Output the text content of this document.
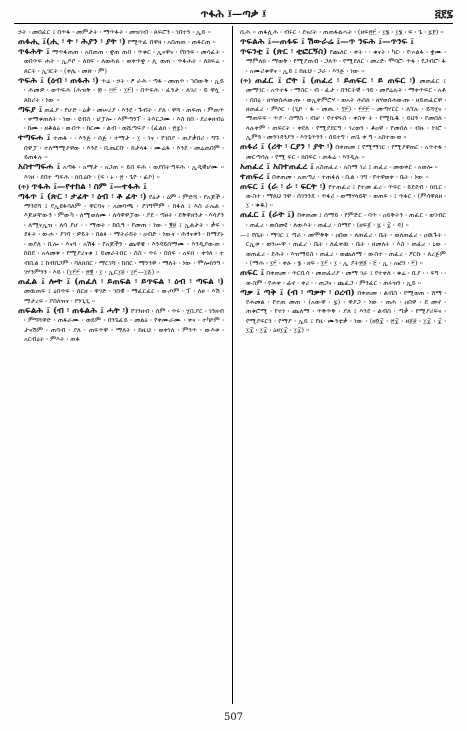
ጥፋሕ ፤—ጣቃ ፤	፭፻፯

ኃት ፡ መበፈር ፤ በጥፋ ፡ መምታት ፡ ማጥፋት ፡ መዝገብ ፡ ጸፍሮን ፡ ገበተን ፡ ኢይ ፡፡

ጠፋሒ ፤(ሒ ፡ ት ፡ ሕያን ፡ ያት ፡) የሚጥፈ በዋዛ ፡ አበጠጠ ፡ ጠፋርጠ ፡፡

ጥፋሕት ፤ ማጥፋጠጠ ፡ አበጠጠ ፡ ቋጠ ጠበ ፡ ጥቁር ፡ ኢናዋና ፡ የከንፍ ፡ መሳፈት ፡ ወበጥፍ ሐት ፡ ኢዶቦ ፡ ለክፍ ፡ ለወሕጸ ፡ ወቀጥቋ ፡ ሊ ወጠ ፡ ጥፋሐት ፡ ለክፍሬ ፡ ጸርት ፡ ኢገርት ፡ (ቀሌ ፡ መጽ ፡ ም)

ጥፍሕ ፤ (ዕብ ፡ ጠፋሕ ፡) ጥሬ ፡ ኃት ፡ ፆ ራሕ ፡ ጣፋ ፡ መጠጥ ፡ ኀበውቅ ፡ ኢይ ፡ ሕመዎ ፡ ወጥፍሕ (ሕዝቅ ፡ ፴ ፡ ፵፫ ፡ ፲፫) ፡ በጥፍሕ ፡ ፈንታ ፡ ለገሪ ፡ ይ ዋሏ ፡ ጸከሪት ፡ ነው ፡፡

ጣፍያ ፤ ጠፈያ ፡ የሆድ ፡ ዕቃ ፡ መሠረያ ፡ እንደ ፡ ጉብት ፡ ያለ ፡ ዋሻ ፡ ጠፍጠ ፡ ምጠጥ ፡ ቀማቁጠለት ፡ ነው ፡ ዩብስ ፡ ሆፓሎ ፡ እምጣንፕ ፡ ትእርጋሙ ፡ እስ ክበ ፡ ደረቁዘብዕ ፡ ከሙ ፡ ዘቆልዕ ፡ ውበጥ ፡ ከርሙ ፡ ልብ ፡ ወሺጣፍያ ፡ (ፈልክ ፡ ፳፯) ፡

ተጣፍሐ ፤ ተጠፋ ፡ ፡ እንጅ ፡ ሰጅ ፡ ተማታ ፡ ፲ ፡ ገና ፡ የገበያ ፡ ጠያቃበሪ ፡ ግኙ ፡ በዋፓ ፡ ተለማሚያዋው ፡ እንደ ፡ ቢጤርቡ ፡ ከታላፋ ፡ ሙሬፋ ፡ እንደ ፡ መሬጠበም ፡ ይጠፋሉ ፡፡

አስተጣፍሐ ፤ አጣፋ ፡ አማታ ፡ አጋጠ ፡፡ ይበ ፍሕ ፡ ወያበትጣፍሕ ፡ ኢዲዊሆሙ ፡፡ እገዘ ፡ ደበተ ጣፍሕ ፡ ክቢዕቡ ፡ (ፍ ፡ ኑ ፡ ፳ ፡ ጌዮ ፡ ፊኮ) ፡፡

(ጥ) ጥፋሕ ፤—የተከል ፡ ስም ፤—ተፋሕ ፤

ጣፋጥ ፤ (ጽር ፡ ታፊት ፡ ዕብ ፡ ቶ ፊት ፡) የዕታ ፡ ዕም ፡ ምድሻ ፡ የአጆች ፡ ማንደሻ ፤ የኢዩፋሳለም ፡ ዋርባና ፡ አመባጫ ፡ ያገግሞም ፡ ከፋለ ፤ እስ ራኤል ፡ እጆቻቸውን ፡ ምውካ ፡ ለሚወለሙ ፡ ለሳዋዋፓው ፡ ያደ ፡ ጣፀት ፡ ደቅዋዘንታ ፡ እሳያን ፡ ለሚናኢዝ ፡ ለሳ ያሆ ፡ ፡ ማወት ፡ ከቢዓ ፡ የመጠ ፡ ነው ፡ ፪፱ ፤ ኢልታት ፡ ቃፍ ፡ ደፉት ፡ ውሐ ፡ ያገባ ፡ ዎይት ፡ በልፉ ፡ ማትራከት ፡ ዐብድ ፡ ነውና ፡ ሕፃናቱን ፡ ከማያኑ ፡ ወያለ ፡ ቢሎ ፡ እናጓ ፡ አሽፋ ፡ የአጆችን ፡ ጨዋዌ ፡ እንዳይሰማሙ ፡ እንዲያውጠ ፡ ከበደ ፡ አላመቱ ፡ የሚያረናቁ ፤ ይመራትበር ፡ ስስ ፡ ጥሩ ፡ በሰፍ ፡ አፍክ ፡ ቀጎለ ፡ ተ ብቢል ፤ ከብበጋም ፡ ባለክበር ፡ ማርገሻ ፡ ከበር ፡ ማንንዋ ፡ ማለት ፡ ነው ፡ ሞሎክንግ ፡ ገሃንምንን ፡ እይ ፡ (፲፫፫ ፡ ፳፪ ፡ ፲ ፡ ኢር፲፱ ፡ ፲፫—፲፩) ፡፡

ጠፈል ፤ ሎት ፤ (ጠፈለ ፡ ይጠፍል ፡ ይጥፍል ፡ ዕብ ፡ ጣፍል ፡) መዉጠፍ ፤ ዕበጥፍ ፡ ሰርዘ ፡ ዋገድ ፡ ገበዊ ፡ ማፈርፈር ፡ ውጦም ፡ ፕ ፡ ለፀ ፡ እሽ ፡ ማታረፍ ፡ ያበለዝና ፡ የንጊጊ ፡፡

ጠፍልሕ ፤ (ብ ፡ ጠፋልሕ ፤ ሓት ፡) የገንዘብ ፡ ሰም ፡ ጥሩ ፡ ሂቢያር ፡ ገንዘብ ፡ ምግሻዋድ ፡ ጠፋራሙ ፡ ወይም ፡ በንጌፈይ ፡ መልዕ ፡ የቀሙራሙ ፡ ቀና ፡ ተካኮም ፡ ታናሽም ፡ ጠባብ ፡ ያለ ፡ ጠፍጥዋ ፡ ማለት ፡ ከዚህ ፡ ወቀነለ ፡ ምንጥ ፡ ውእቱ ፡ አርብዕት ፡ ምእት ፡ ጠፋ

ሲሕ ፡፡ ጠፋሊሕ ፡ ብሩር ፡ ደናሪት ፡ ጠጠፋልሓት ፡ (ዘፍ፳፫ ፡ ፲፮ ፡ ፲፮ ፡ ፍ ፡ ጌ ፡ ፯፻) ፡፡

ጥፍልሕ ፤—ጠፋፍ ፤ ሽውራሬ ፤—ጥ ንፍሕ ፤—ጥንፍ ፤

ጥፍንቲ ፤ (ጽር ፡ ቲፎርኝስ) የጨለር ፡ ቀት ፡ ፡ ቁናት ፡ ካር፡ ፡ የ፡ኦልፋ ፡ ቋሙ ፡ ማምለክ ፡ ማወቅ ፡ የሚያጠብ ፡ ጋለጥ ፡ የሚደለር ፡ መረድ፡ ሞባሮ፡ ጥፋ ፡ የጋብሮ፡ ፋ ፡ አሙሪቁዋና ፡ ኢይ ፤ ከዚህ ፡ ጋራ ፡ እንጅ ፡ ነው ፡፡

(ጥ) ጠፈር ፤ ሮት ፤ (ጠፈረ ፡ ይጠፍር ፡ ይ ጠፍር ፡) መጠፈር ፤ መማገር ፡ አጥተፋ ፡ ማስር ፡ ብ ፡ ፈታ ፡ በንርትዊ ፡ ጎይ ፡ መዖሬሉት ፡ ማቀጥፍር ፡ አቶ ፡ ሰበዕ ፡ ዘሃወሰሐውጡ ፡ ወኢቀምሮሃ ፡ ወአት ሕሰለ ፡ ዘሃወሰሐውጡ ፡ ዘይጠፈርዋ ፡ ዘጠፈረ ፡ ምሶር ፡ (ጊኮ ፡ ፋ ፡ መጢ ፡ ፺፫) ፡ ፫፫፫ ፡ መጣሃርር ፡ ለኘሉ ፡ ይሻሂና ፡ ማጠፍፍ ፡ ጥያ ፡ ሰማስ ፡ ብቻ ፡ የተዋሩስ ፡ ቀስቀ ት ፡ የሚኬዱ ፡ ይህን ፡ የመሰለ ፡ ላሉቀም ፡ ጠፍርት ፡ ቀደለ ፡ የሚያደርግ ፡ ገረወን ፡ ቆዐዋ ፡ የመሰለ ፡ ብዙ ፡ ነገሮ ፡ ኢምጓ ፡ መንገዳንያን ፡ እንጌጥንን ፡ ሰይተግ ፡ ጠጌ ቀ ግ ፡ አከተውወ ፡፡

ጠፋሪ ፤ (ሪት ፡ ርያን ፡ ያት ፡) በቀጠመ ፤ የሚማገር ፡ የሚያዋጠር ፡ አጥተፋ ፡ መርጣሳሉ ፡ የሚ ፍር ፡ ክበፍር ፡ ጠፋሬ ፡ እንዲሉ ፡፡

አጠፈረ ፤ አስተጠፈረ ፤ አስጠፈረ ፡ አስማ ገረ ፤ ጠፈረ ፡ መወቀር ፡ አወሎ ፡፡

ተጠፍረ ፤ በቀጠመ ፡ አጠጣረ ፡ ተጠፋለ ፡ ቢል ፡ ገግ ፡ የተዋወቀ ፡ ቤት ፡ ነው ፡፡

ጠፍር ፤ (ራ ፡ ራ ፡ ፍርት ፡) የተጠፈረ ፤ የተመ ፊረ ፡ ጥፍር ፡ ይደደብ ፡ ክቢር ፡ ውስተ ፡ ማጸህ ንዋ ፡ ሰገንንዴ ፡ ጥፋሪ ፡ ወማሃላይቸ ፡ ወጠፍ ፡ ፤ ጥፋር ፡ (ምሳዋጸዘ ፡ ፲ ፡ ቁዱ) ፡፡

ጠፈር ፤ (ራት ፤) በቀጠመ ፤ ሰማይ ፡ የምድር ፡ ባጥ ፡ ዐይቅትን ፡ ጠፈር ፡ ወገብር ፡ ጠፈረ ፡ ወሰመዩ ፡ ለውእት ፡ ጠፈረ ፡ ሰማየ ፡ (ዘፍ፩ ፡ ፯ ፡ ፰ ፡ ዳ) ፡፡

—፤ የቤት ፡ ማገር ፤ ጣራ ፡ መሞቅቅ ፡ ዐበወ ፡ ለጠፈረ ፡ ቤት ፡ ወለጠፈረ ፡ ዐዉጉት ፡ ርኢቱ ፡ ወንሡዋ ፡ ጠፈረ ፡ ቤት ፡ ለፈቀዉ ፡ ቤት ፡ ዘመለት ፡ እስ ፡ ጠፈረ ፡ ኒው ፡ ወጠፈረ ፡ ደሕት ፡ እዝማይስ ፡ ጠፈረ ፡ ወጨለማ ፡ ውስተ ፡ ጠፈረ ፡ ዖርኩ ፡ ለረጅም ፡ (ማሕ ፡ ፲፫ ፡ ቀፁ ፡ ፮ ፡ ዘፍ ፡ ፲፫ ፡ ፲ ፡ ኢ ያት፳፩ ፡ ፭ ፡ ኢ ፡ አፎን ፡ ፫) ፡፡

ጠፍር ፤ በቀጠመ ፡ ጥርቢሳ ፡ መጠፈሪያ ፡ መማ ገራ ፤ የተቀለ ፡ ቁሬ ፡ ቢያ ፡ ፡ ፍግ ፡ ፡ ውስም ፡ የሐቀ ፡ ፊኖ ፡ ቀረ ፡ ፡ ጠጋና ፡ ጨፈጋ ፡ ምንፈር ፡ ጠሩዝን ፡ ኢይ ፡፡

ጣቃ ፤ ጣቅ ፤ (ብ ፡ ጣቃት ፡ ዐረብ) በቀጠመ ፡ ልብስ ፡ የሚወጠ ፡ ሸማ ፡ የሐመል ፡ የተጠ መጠ ፡ (አውዋ ፡ ፯) ፡ ዋያጋ ፡ ነው ፡ ጠሕ ፡ ዐበዋ ፡ ደ መኖ ፡ ጠቁሮሚ ፡ የተነ ፡ ጨለማ ፡ ጥቅጥቅ ፡ ያለ ፤ እንደ ፡ ልብስ ፡ ጣቃ ፡ የሚያሪፍና ፡ የሚያፍርን ፡ የማያ ፡ ኢይ ፤ የዚ፡ ሙንቲቃ ፡ ነው ፡ (ዘ፬፰ ፡ ፳፰ ፡ ዘ፩፱ ፡ ፲፰ ፡ ፰ ፡ ፲፰ ፡ ፲፰ ፡ ዕዘ፲፰ ፡ ፲፰) ፡፡

507
